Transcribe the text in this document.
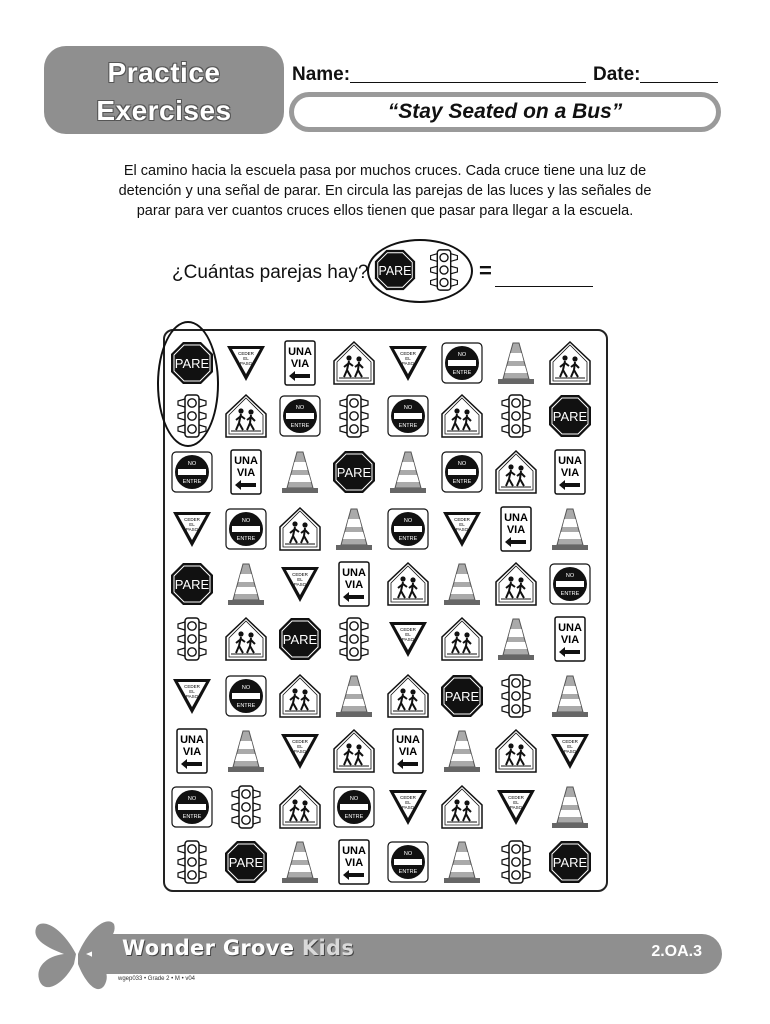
Practice
Exercises
Name:	Date:
“Stay Seated on a Bus”
El camino hacia la escuela pasa por muchos cruces. Cada cruce tiene una luz de detención y una señal de parar. En circula las parejas de las luces y las señales de parar para ver cuantos cruces ellos tienen que pasar para llegar a la escuela.
¿Cuántas parejas hay? PARE	=
PARE
CEDER
EL
PASO
UNA
VIA
CEDER
EL
PASO
NO
ENTRE
NO
ENTRE
NO
ENTRE
PARE
NO
ENTRE
UNA
VIA	PARE
NO
ENTRE
UNA
VIA
CEDER
EL
PASO
NO
ENTRE
NO
ENTRE
CEDER
EL
PASO
UNA
VIA
PARE
CEDER
EL
PASO
UNA
VIA
NO
ENTRE
PARE
CEDER
EL
PASO
UNA
VIA
CEDER
EL
PASO
NO
ENTRE
PARE
UNA
VIA
CEDER
EL
PASO
UNA
VIA
CEDER
EL
PASO
NO
ENTRE
NO
ENTRE
CEDER
EL
PASO
CEDER
EL
PASO
PARE
UNA
VIA
NO
ENTRE
PARE
2.OA.3
Wonder Grove Kids
wgep033 • Grade 2 • M • v04
